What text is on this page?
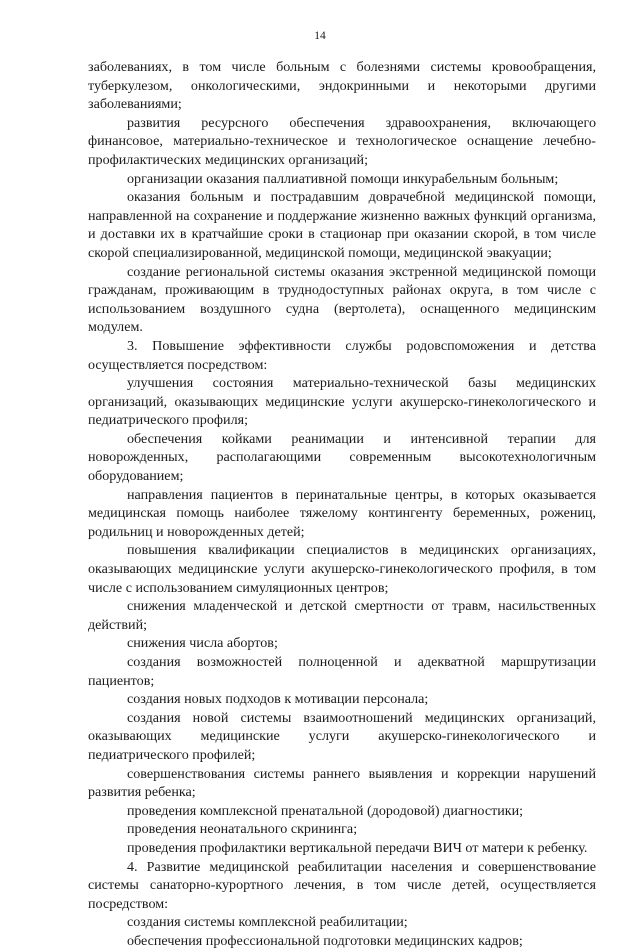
14

заболеваниях, в том числе больным с болезнями системы кровообращения, туберкулезом, онкологическими, эндокринными и некоторыми другими заболеваниями;

развития ресурсного обеспечения здравоохранения, включающего финансовое, материально-техническое и технологическое оснащение лечебно-профилактических медицинских организаций;

организации оказания паллиативной помощи инкурабельным больным;

оказания больным и пострадавшим доврачебной медицинской помощи, направленной на сохранение и поддержание жизненно важных функций организма, и доставки их в кратчайшие сроки в стационар при оказании скорой, в том числе скорой специализированной, медицинской помощи, медицинской эвакуации;

создание региональной системы оказания экстренной медицинской помощи гражданам, проживающим в труднодоступных районах округа, в том числе с использованием воздушного судна (вертолета), оснащенного медицинским модулем.

3. Повышение эффективности службы родовспоможения и детства осуществляется посредством:

улучшения состояния материально-технической базы медицинских организаций, оказывающих медицинские услуги акушерско-гинекологического и педиатрического профиля;

обеспечения койками реанимации и интенсивной терапии для новорожденных, располагающими современным высокотехнологичным оборудованием;

направления пациентов в перинатальные центры, в которых оказывается медицинская помощь наиболее тяжелому контингенту беременных, рожениц, родильниц и новорожденных детей;

повышения квалификации специалистов в медицинских организациях, оказывающих медицинские услуги акушерско-гинекологического профиля, в том числе с использованием симуляционных центров;

снижения младенческой и детской смертности от травм, насильственных действий;

снижения числа абортов;

создания возможностей полноценной и адекватной маршрутизации пациентов;

создания новых подходов к мотивации персонала;

создания новой системы взаимоотношений медицинских организаций, оказывающих медицинские услуги акушерско-гинекологического и педиатрического профилей;

совершенствования системы раннего выявления и коррекции нарушений развития ребенка;

проведения комплексной пренатальной (дородовой) диагностики;

проведения неонатального скрининга;

проведения профилактики вертикальной передачи ВИЧ от матери к ребенку.

4. Развитие медицинской реабилитации населения и совершенствование системы санаторно-курортного лечения, в том числе детей, осуществляется посредством:

создания системы комплексной реабилитации;

обеспечения профессиональной подготовки медицинских кадров;
